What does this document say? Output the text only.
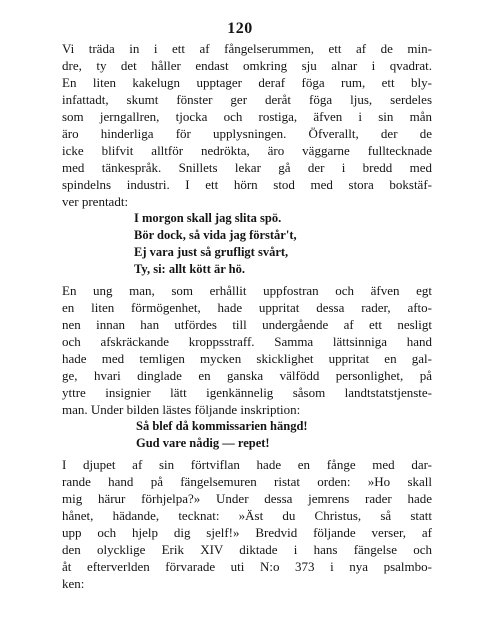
120
Vi träda in i ett af fångelserummen, ett af de min-
dre, ty det håller endast omkring sju alnar i qvadrat.
En liten kakelugn upptager deraf föga rum, ett bly-
infattadt, skumt fönster ger deråt föga ljus, serdeles
som jerngallren, tjocka och rostiga, äfven i sin mån
äro hinderliga för upplysningen. Öfverallt, der de
icke blifvit alltför nedrökta, äro väggarne fulltecknade
med tänkespråk. Snillets lekar gå der i bredd med
spindelns industri. I ett hörn stod med stora bokstäf-
ver prentadt:
I morgon skall jag slita spö.
Bör dock, så vida jag förstår't,
Ej vara just så grufligt svårt,
Ty, si: allt kött är hö.
En ung man, som erhållit uppfostran och äfven egt
en liten förmögenhet, hade uppritat dessa rader, afto-
nen innan han utfördes till undergående af ett nesligt
och afskräckande kroppsstraff. Samma lättsinniga hand
hade med temligen mycken skicklighet uppritat en gal-
ge, hvari dinglade en ganska välfödd personlighet, på
yttre insignier lätt igenkännelig såsom landtstatstjenste-
man. Under bilden lästes följande inskription:
Så blef då kommissarien hängd!
Gud vare nådig — repet!
I djupet af sin förtviflan hade en fånge med dar-
rande hand på fängelsemuren ristat orden: »Ho skall
mig härur förhjelpa?» Under dessa jemrens rader hade
hånet, hädande, tecknat: »Äst du Christus, så statt
upp och hjelp dig sjelf!» Bredvid följande verser, af
den olycklige Erik XIV diktade i hans fängelse och
åt efterverlden förvarade uti N:o 373 i nya psalmbo-
ken:
